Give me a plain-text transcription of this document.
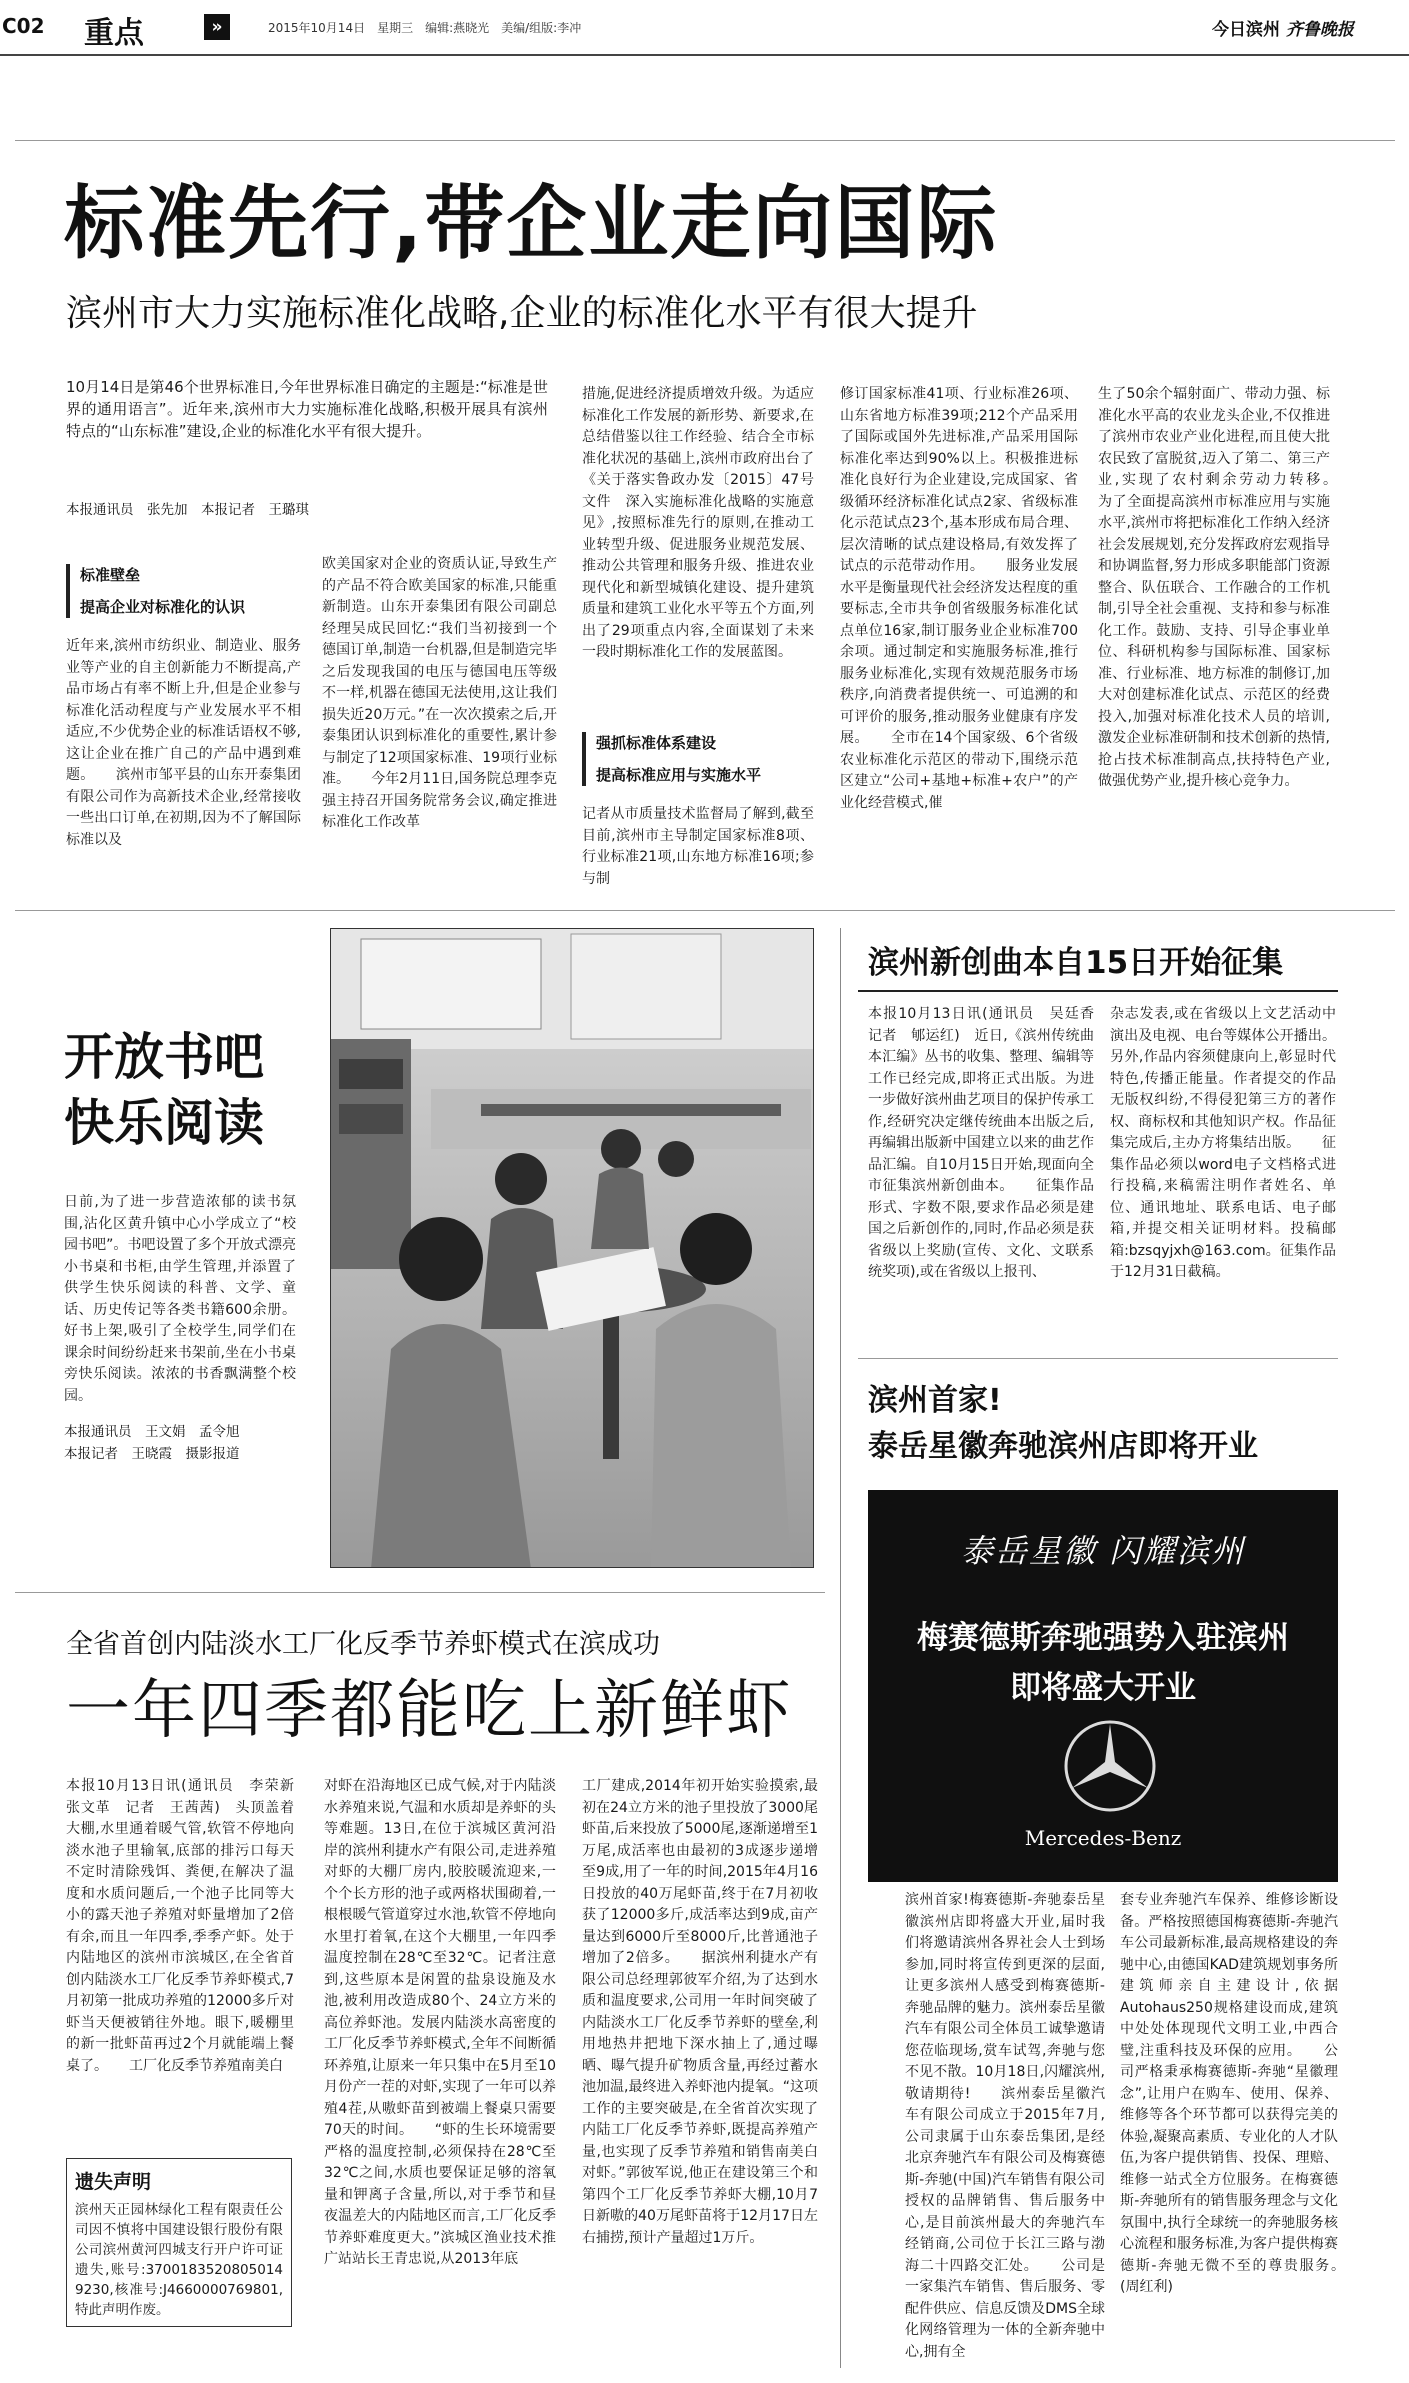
C02 重点	»	2015年10月14日　星期三　编辑:燕晓光　美编/组版:李冲	今日滨州 齐鲁晚报
标准先行,带企业走向国际
滨州市大力实施标准化战略,企业的标准化水平有很大提升
10月14日是第46个世界标准日,今年世界标准日确定的主题是:“标准是世界的通用语言”。近年来,滨州市大力实施标准化战略,积极开展具有滨州特点的“山东标准”建设,企业的标准化水平有很大提升。
本报通讯员　张先加　本报记者　王璐琪
标准壁垒
提高企业对标准化的认识
近年来,滨州市纺织业、制造业、服务业等产业的自主创新能力不断提高,产品市场占有率不断上升,但是企业参与标准化活动程度与产业发展水平不相适应,不少优势企业的标准话语权不够,这让企业在推广自己的产品中遇到难题。　　滨州市邹平县的山东开泰集团有限公司作为高新技术企业,经常接收一些出口订单,在初期,因为不了解国际标准以及
欧美国家对企业的资质认证,导致生产的产品不符合欧美国家的标准,只能重新制造。山东开泰集团有限公司副总经理吴成民回忆:“我们当初接到一个德国订单,制造一台机器,但是制造完毕之后发现我国的电压与德国电压等级不一样,机器在德国无法使用,这让我们损失近20万元。”在一次次摸索之后,开泰集团认识到标准化的重要性,累计参与制定了12项国家标准、19项行业标准。　　今年2月11日,国务院总理李克强主持召开国务院常务会议,确定推进标准化工作改革
措施,促进经济提质增效升级。为适应标准化工作发展的新形势、新要求,在总结借鉴以往工作经验、结合全市标准化状况的基础上,滨州市政府出台了《关于落实鲁政办发〔2015〕47号文件　深入实施标准化战略的实施意见》,按照标准先行的原则,在推动工业转型升级、促进服务业规范发展、推动公共管理和服务升级、推进农业现代化和新型城镇化建设、提升建筑质量和建筑工业化水平等五个方面,列出了29项重点内容,全面谋划了未来一段时期标准化工作的发展蓝图。
强抓标准体系建设
提高标准应用与实施水平
记者从市质量技术监督局了解到,截至目前,滨州市主导制定国家标准8项、行业标准21项,山东地方标准16项;参与制
修订国家标准41项、行业标准26项、山东省地方标准39项;212个产品采用了国际或国外先进标准,产品采用国际标准化率达到90%以上。积极推进标准化良好行为企业建设,完成国家、省级循环经济标准化试点2家、省级标准化示范试点23个,基本形成布局合理、层次清晰的试点建设格局,有效发挥了试点的示范带动作用。　　服务业发展水平是衡量现代社会经济发达程度的重要标志,全市共争创省级服务标准化试点单位16家,制订服务业企业标准700余项。通过制定和实施服务标准,推行服务业标准化,实现有效规范服务市场秩序,向消费者提供统一、可追溯的和可评价的服务,推动服务业健康有序发展。　　全市在14个国家级、6个省级农业标准化示范区的带动下,围绕示范区建立“公司+基地+标准+农户”的产业化经营模式,催
生了50余个辐射面广、带动力强、标准化水平高的农业龙头企业,不仅推进了滨州市农业产业化进程,而且使大批农民致了富脱贫,迈入了第二、第三产业,实现了农村剩余劳动力转移。　　为了全面提高滨州市标准应用与实施水平,滨州市将把标准化工作纳入经济社会发展规划,充分发挥政府宏观指导和协调监督,努力形成多职能部门资源整合、队伍联合、工作融合的工作机制,引导全社会重视、支持和参与标准化工作。鼓励、支持、引导企事业单位、科研机构参与国际标准、国家标准、行业标准、地方标准的制修订,加大对创建标准化试点、示范区的经费投入,加强对标准化技术人员的培训,激发企业标准研制和技术创新的热情,抢占技术标准制高点,扶持特色产业,做强优势产业,提升核心竞争力。
开放书吧
快乐阅读
日前,为了进一步营造浓郁的读书氛围,沾化区黄升镇中心小学成立了“校园书吧”。书吧设置了多个开放式漂亮小书桌和书柜,由学生管理,并添置了供学生快乐阅读的科普、文学、童话、历史传记等各类书籍600余册。好书上架,吸引了全校学生,同学们在课余时间纷纷赶来书架前,坐在小书桌旁快乐阅读。浓浓的书香飘满整个校园。
本报通讯员　王文娟　孟令旭
本报记者　王晓霞　摄影报道
滨州新创曲本自15日开始征集
本报10月13日讯(通讯员　吴廷香　记者　郇运红)　近日,《滨州传统曲本汇编》丛书的收集、整理、编辑等工作已经完成,即将正式出版。为进一步做好滨州曲艺项目的保护传承工作,经研究决定继传统曲本出版之后,再编辑出版新中国建立以来的曲艺作品汇编。自10月15日开始,现面向全市征集滨州新创曲本。　　征集作品形式、字数不限,要求作品必须是建国之后新创作的,同时,作品必须是获省级以上奖励(宣传、文化、文联系统奖项),或在省级以上报刊、
杂志发表,或在省级以上文艺活动中演出及电视、电台等媒体公开播出。另外,作品内容须健康向上,彰显时代特色,传播正能量。作者提交的作品无版权纠纷,不得侵犯第三方的著作权、商标权和其他知识产权。作品征集完成后,主办方将集结出版。　　征集作品必须以word电子文档格式进行投稿,来稿需注明作者姓名、单位、通讯地址、联系电话、电子邮箱,并提交相关证明材料。投稿邮箱:bzsqyjxh@163.com。征集作品于12月31日截稿。
滨州首家!
泰岳星徽奔驰滨州店即将开业
泰岳星徽 闪耀滨州
梅赛德斯奔驰强势入驻滨州
即将盛大开业
Mercedes-Benz
滨州首家!梅赛德斯-奔驰泰岳星徽滨州店即将盛大开业,届时我们将邀请滨州各界社会人士到场参加,同时将宣传到更深的层面,让更多滨州人感受到梅赛德斯-奔驰品牌的魅力。滨州泰岳星徽汽车有限公司全体员工诚挚邀请您莅临现场,赏车试驾,奔驰与您不见不散。10月18日,闪耀滨州,敬请期待!　　滨州泰岳星徽汽车有限公司成立于2015年7月,公司隶属于山东泰岳集团,是经北京奔驰汽车有限公司及梅赛德斯-奔驰(中国)汽车销售有限公司授权的品牌销售、售后服务中心,是目前滨州最大的奔驰汽车经销商,公司位于长江三路与渤海二十四路交汇处。　　公司是一家集汽车销售、售后服务、零配件供应、信息反馈及DMS全球化网络管理为一体的全新奔驰中心,拥有全
套专业奔驰汽车保养、维修诊断设备。严格按照德国梅赛德斯-奔驰汽车公司最新标准,最高规格建设的奔驰中心,由德国KAD建筑规划事务所建筑师亲自主建设计,依据Autohaus250规格建设而成,建筑中处处体现现代文明工业,中西合璧,注重科技及环保的应用。　　公司严格秉承梅赛德斯-奔驰“星徽理念”,让用户在购车、使用、保养、维修等各个环节都可以获得完美的体验,凝聚高素质、专业化的人才队伍,为客户提供销售、投保、理赔、维修一站式全方位服务。在梅赛德斯-奔驰所有的销售服务理念与文化氛围中,执行全球统一的奔驰服务核心流程和服务标准,为客户提供梅赛德斯-奔驰无微不至的尊贵服务。　　　　(周红利)
全省首创内陆淡水工厂化反季节养虾模式在滨成功
一年四季都能吃上新鲜虾
本报10月13日讯(通讯员　李荣新　张文革　记者　王茜茜)　头顶盖着大棚,水里通着暖气管,软管不停地向淡水池子里输氧,底部的排污口每天不定时清除残饵、粪便,在解决了温度和水质问题后,一个池子比同等大小的露天池子养殖对虾量增加了2倍有余,而且一年四季,季季产虾。处于内陆地区的滨州市滨城区,在全省首创内陆淡水工厂化反季节养虾模式,7月初第一批成功养殖的12000多斤对虾当天便被销往外地。眼下,暖棚里的新一批虾苗再过2个月就能端上餐桌了。　　工厂化反季节养殖南美白
对虾在沿海地区已成气候,对于内陆淡水养殖来说,气温和水质却是养虾的头等难题。13日,在位于滨城区黄河沿岸的滨州利捷水产有限公司,走进养殖对虾的大棚厂房内,胶胶暖流迎来,一个个长方形的池子或两格状围砌着,一根根暖气管道穿过水池,软管不停地向水里打着氧,在这个大棚里,一年四季温度控制在28℃至32℃。记者注意到,这些原本是闲置的盐泉设施及水池,被利用改造成80个、24立方米的高位养虾池。发展内陆淡水高密度的工厂化反季节养虾模式,全年不间断循环养殖,让原来一年只集中在5月至10月份产一茬的对虾,实现了一年可以养殖4茬,从嗷虾苗到被端上餐桌只需要70天的时间。　　“虾的生长环境需要严格的温度控制,必须保持在28℃至32℃之间,水质也要保证足够的溶氧量和钾离子含量,所以,对于季节和昼夜温差大的内陆地区而言,工厂化反季节养虾难度更大。”滨城区渔业技术推广站站长王青忠说,从2013年底
工厂建成,2014年初开始实验摸索,最初在24立方米的池子里投放了3000尾虾苗,后来投放了5000尾,逐渐递增至1万尾,成活率也由最初的3成逐步递增至9成,用了一年的时间,2015年4月16日投放的40万尾虾苗,终于在7月初收获了12000多斤,成活率达到9成,亩产量达到6000斤至8000斤,比普通池子增加了2倍多。　　据滨州利捷水产有限公司总经理郭彼军介绍,为了达到水质和温度要求,公司用一年时间突破了内陆淡水工厂化反季节养虾的壁垒,利用地热井把地下深水抽上了,通过曝晒、曝气提升矿物质含量,再经过蓄水池加温,最终进入养虾池内提氧。“这项工作的主要突破是,在全省首次实现了内陆工厂化反季节养虾,既提高养殖产量,也实现了反季节养殖和销售南美白对虾。”郭彼军说,他正在建设第三个和第四个工厂化反季节养虾大棚,10月7日新嗷的40万尾虾苗将于12月17日左右捕捞,预计产量超过1万斤。
遗失声明
滨州天正园林绿化工程有限责任公司因不慎将中国建设银行股份有限公司滨州黄河四城支行开户许可证遗失,账号:37001835208050149230,核准号:J4660000769801,特此声明作废。
